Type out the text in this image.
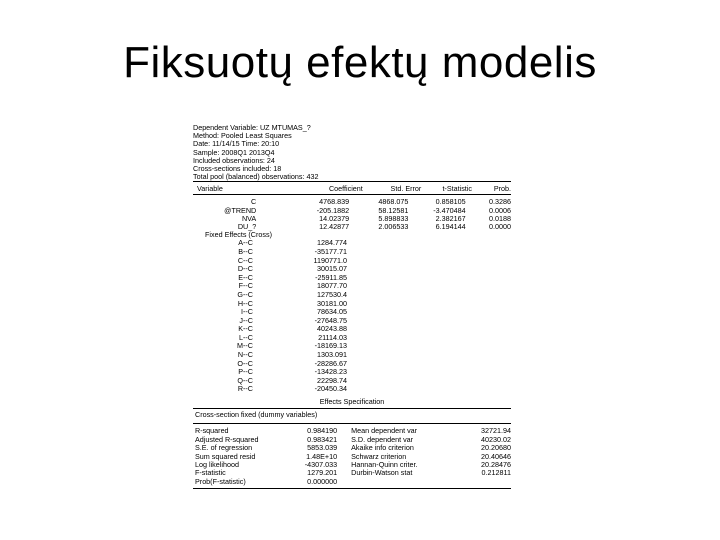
Fiksuotų efektų modelis
Dependent Variable: UZ MTUMAS_?
Method: Pooled Least Squares
Date: 11/14/15 Time: 20:10
Sample: 2008Q1 2013Q4
Included observations: 24
Cross-sections included: 18
Total pool (balanced) observations: 432
Variable	Coefficient	Std. Error	t-Statistic	Prob.
C	4768.839	4868.075	0.858105	0.3286
@TREND	-205.1882	58.12581	-3.470484	0.0006
NVA	14.02379	5.898833	2.382167	0.0188
DU_?	12.42877	2.006533	6.194144	0.0000
Fixed Effects (Cross)
A--C	1284.774
B--C	-35177.71
C--C	1190771.0
D--C	30015.07
E--C	-25911.85
F--C	18077.70
G--C	127530.4
H--C	30181.00
I--C	78634.05
J--C	-27648.75
K--C	40243.88
L--C	21114.03
M--C	-18169.13
N--C	1303.091
O--C	-28286.67
P--C	-13428.23
Q--C	22298.74
R--C	-20450.34
Effects Specification
Cross-section fixed (dummy variables)
R-squared	0.984190	Mean dependent var	32721.94
Adjusted R-squared	0.983421	S.D. dependent var	40230.02
S.E. of regression	5853.039	Akaike info criterion	20.20680
Sum squared resid	1.48E+10	Schwarz criterion	20.40646
Log likelihood	-4307.033	Hannan-Quinn criter.	20.28476
F-statistic	1279.201	Durbin-Watson stat	0.212811
Prob(F-statistic)	0.000000
